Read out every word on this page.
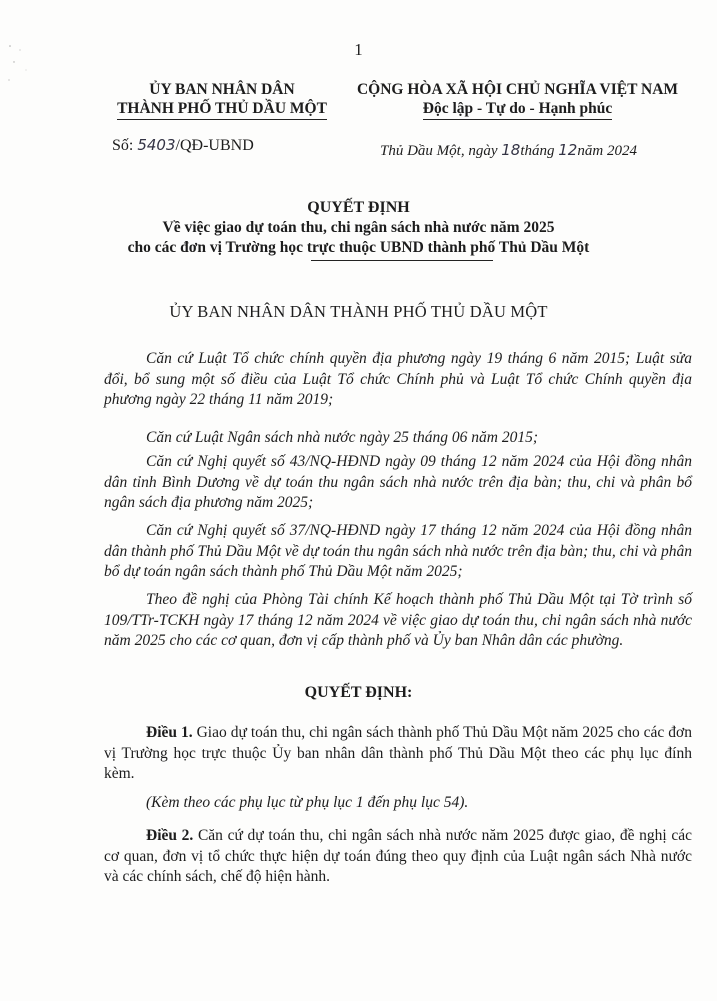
1
ỦY BAN NHÂN DÂN
THÀNH PHỐ THỦ DẦU MỘT
CỘNG HÒA XÃ HỘI CHỦ NGHĨA VIỆT NAM
Độc lập - Tự do - Hạnh phúc
Số: 5403/QĐ-UBND	Thủ Dầu Một, ngày 18tháng 12năm 2024
QUYẾT ĐỊNH
Về việc giao dự toán thu, chi ngân sách nhà nước năm 2025
cho các đơn vị Trường học trực thuộc UBND thành phố Thủ Dầu Một
ỦY BAN NHÂN DÂN THÀNH PHỐ THỦ DẦU MỘT
Căn cứ Luật Tổ chức chính quyền địa phương ngày 19 tháng 6 năm 2015; Luật sửa đổi, bổ sung một số điều của Luật Tổ chức Chính phủ và Luật Tổ chức Chính quyền địa phương ngày 22 tháng 11 năm 2019;
Căn cứ Luật Ngân sách nhà nước ngày 25 tháng 06 năm 2015;
Căn cứ Nghị quyết số 43/NQ-HĐND ngày 09 tháng 12 năm 2024 của Hội đồng nhân dân tỉnh Bình Dương về dự toán thu ngân sách nhà nước trên địa bàn; thu, chi và phân bổ ngân sách địa phương năm 2025;
Căn cứ Nghị quyết số 37/NQ-HĐND ngày 17 tháng 12 năm 2024 của Hội đồng nhân dân thành phố Thủ Dầu Một về dự toán thu ngân sách nhà nước trên địa bàn; thu, chi và phân bổ dự toán ngân sách thành phố Thủ Dầu Một năm 2025;
Theo đề nghị của Phòng Tài chính Kế hoạch thành phố Thủ Dầu Một tại Tờ trình số 109/TTr-TCKH ngày 17 tháng 12 năm 2024 về việc giao dự toán thu, chi ngân sách nhà nước năm 2025 cho các cơ quan, đơn vị cấp thành phố và Ủy ban Nhân dân các phường.
QUYẾT ĐỊNH:
Điều 1. Giao dự toán thu, chi ngân sách thành phố Thủ Dầu Một năm 2025 cho các đơn vị Trường học trực thuộc Ủy ban nhân dân thành phố Thủ Dầu Một theo các phụ lục đính kèm.
(Kèm theo các phụ lục từ phụ lục 1 đến phụ lục 54).
Điều 2. Căn cứ dự toán thu, chi ngân sách nhà nước năm 2025 được giao, đề nghị các cơ quan, đơn vị tổ chức thực hiện dự toán đúng theo quy định của Luật ngân sách Nhà nước và các chính sách, chế độ hiện hành.
